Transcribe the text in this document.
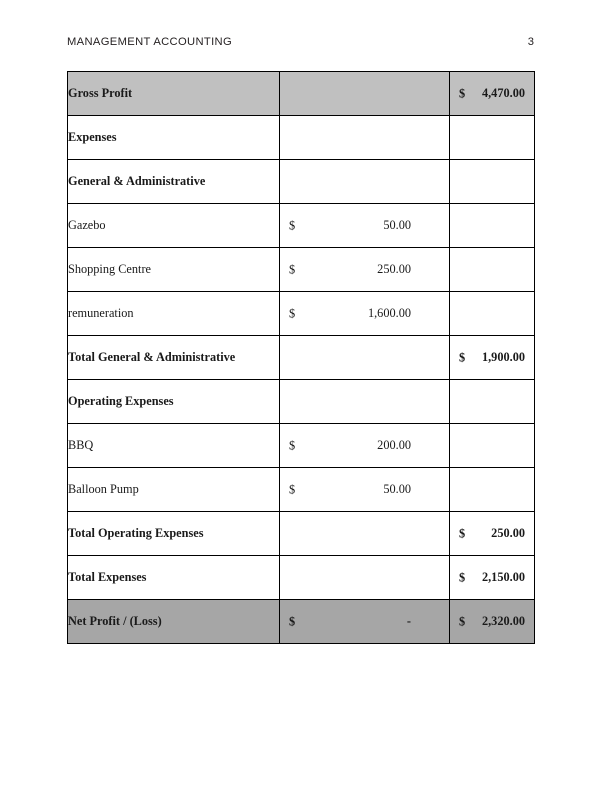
MANAGEMENT ACCOUNTING	3
Gross Profit		$ 4,470.00

Expenses	

General & Administrative	

Gazebo	$ 50.00	

Shopping Centre	$ 250.00	

remuneration	$ 1,600.00	

Total General & Administrative		$ 1,900.00

Operating Expenses	

BBQ	$ 200.00	

Balloon Pump	$ 50.00	

Total Operating Expenses		$ 250.00

Total Expenses		$ 2,150.00

Net Profit / (Loss)	$ -	$ 2,320.00
